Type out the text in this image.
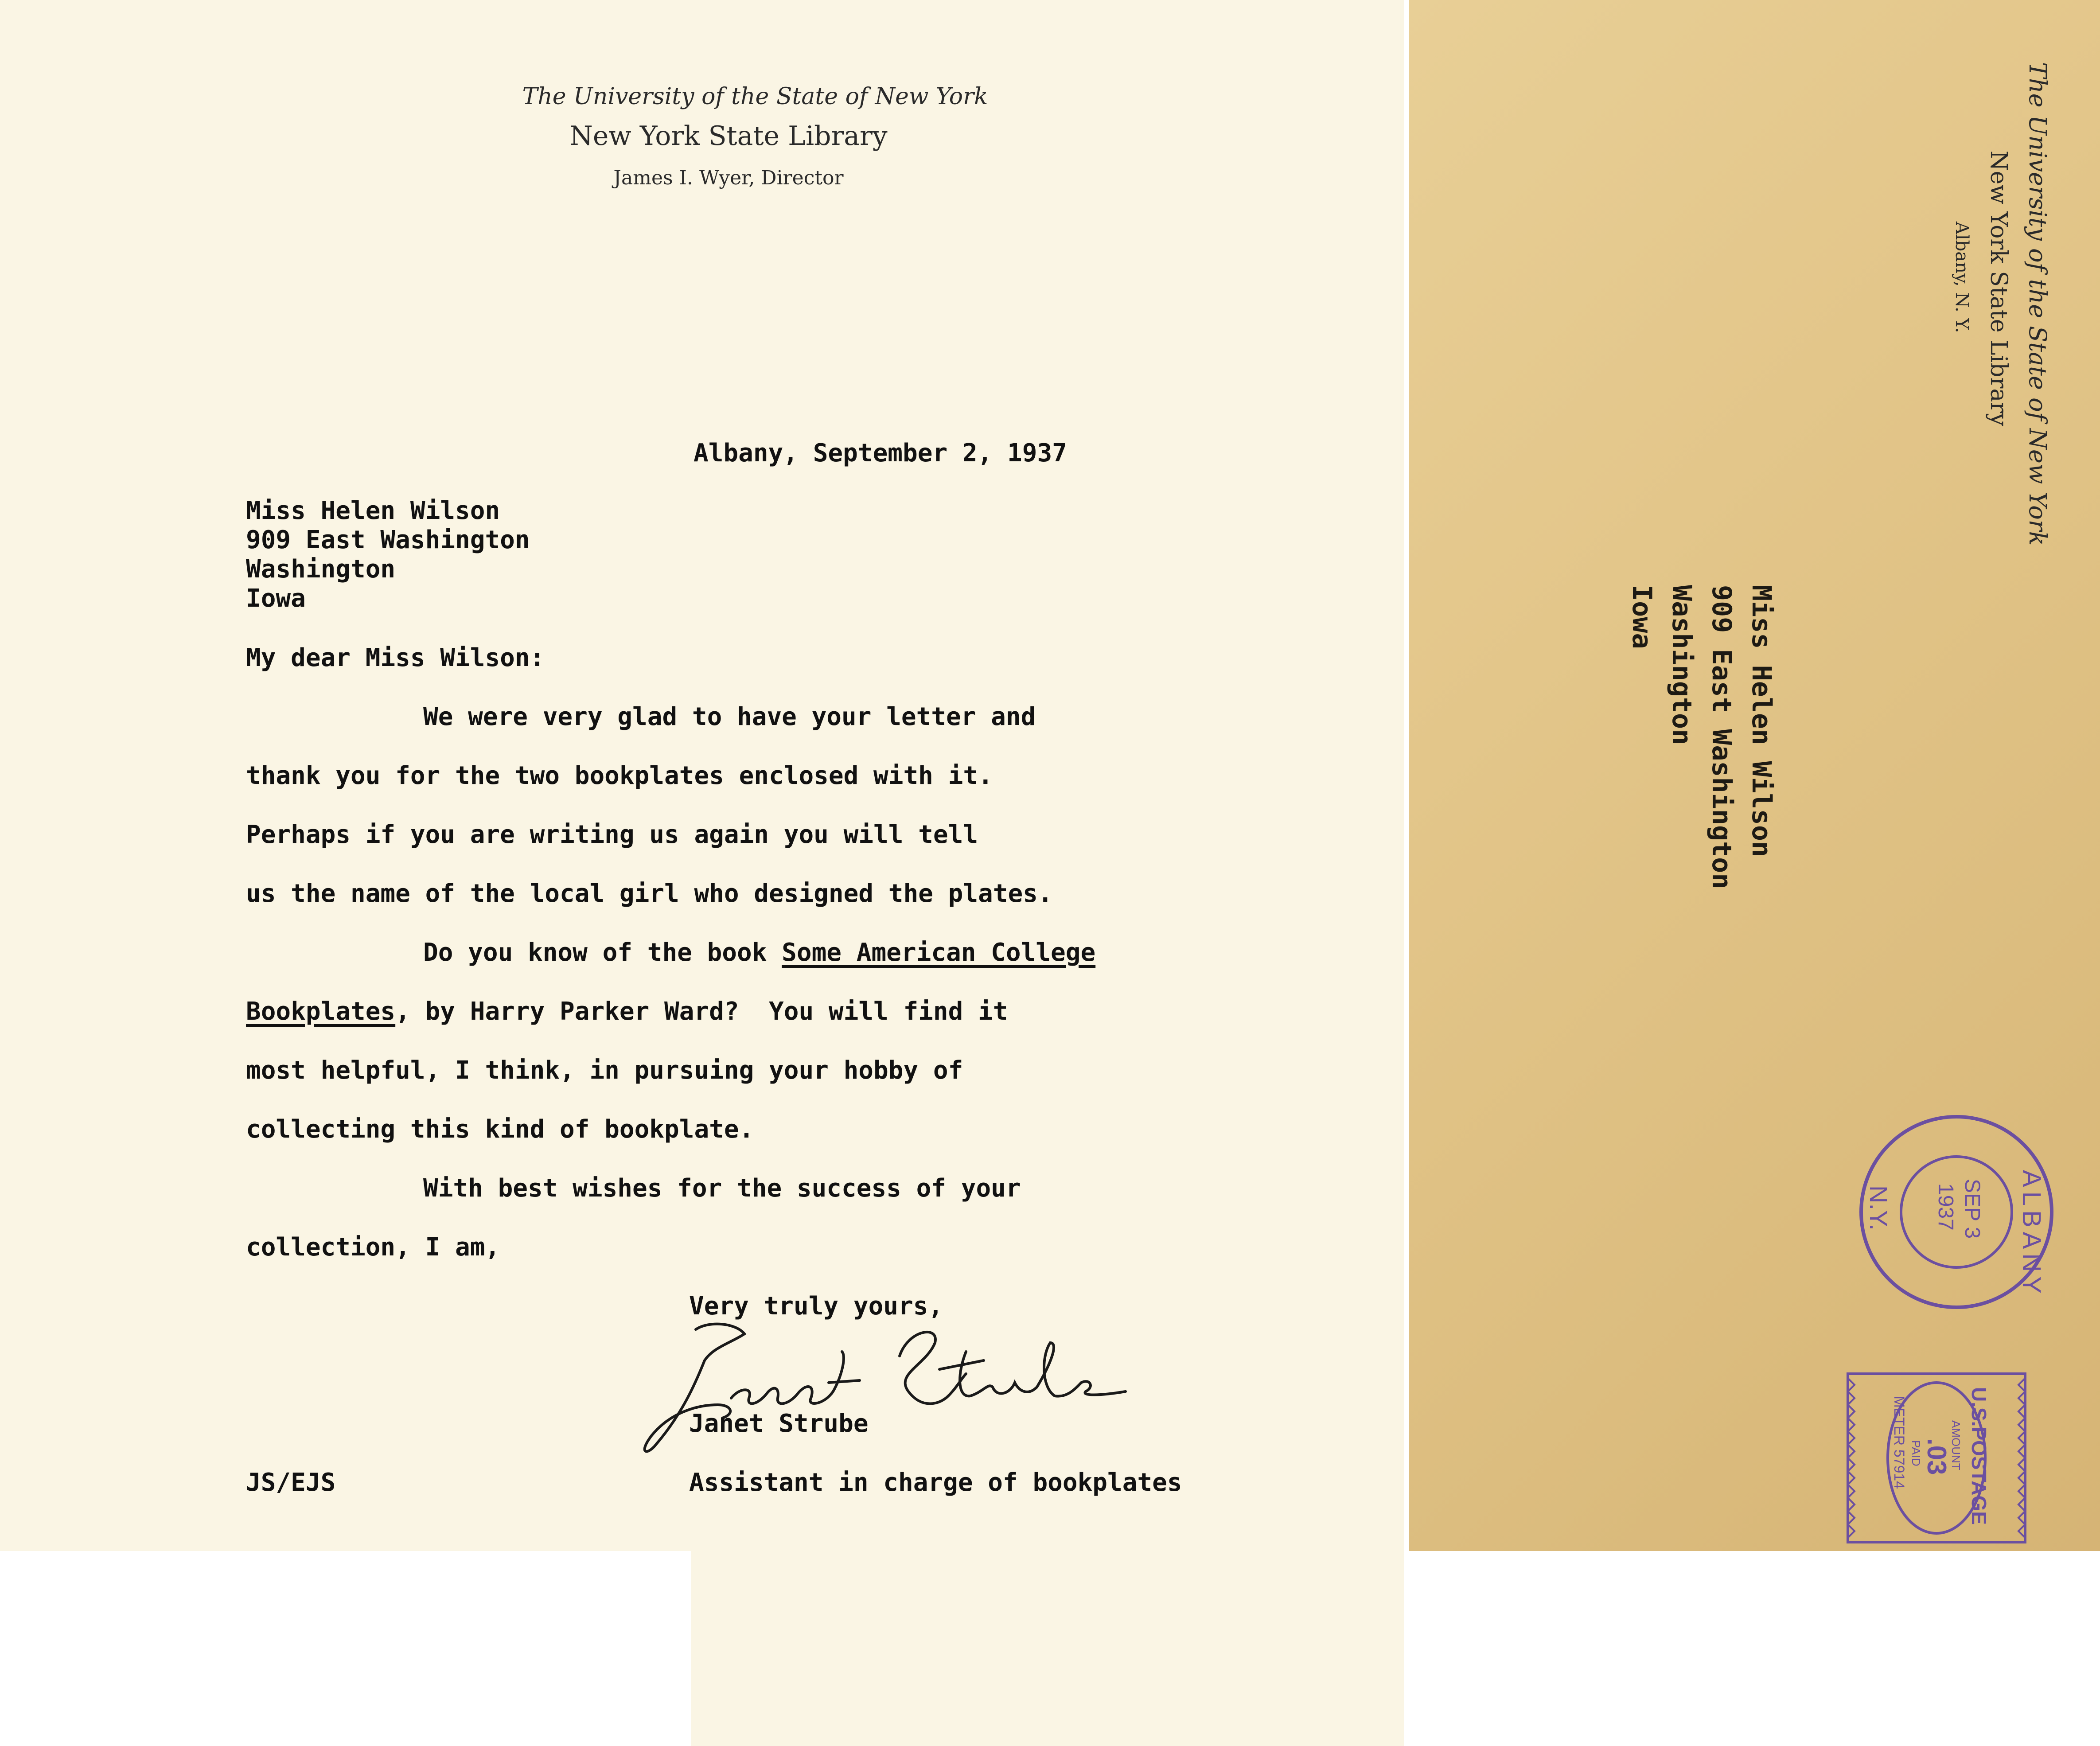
The University of the State of New York
New York State Library
James I. Wyer, Director
Albany, September 2, 1937
Miss Helen Wilson
909 East Washington
Washington
Iowa
My dear Miss Wilson:
We were very glad to have your letter and
thank you for the two bookplates enclosed with it.
Perhaps if you are writing us again you will tell
us the name of the local girl who designed the plates.
Do you know of the book Some American College
Bookplates, by Harry Parker Ward?  You will find it
most helpful, I think, in pursuing your hobby of
collecting this kind of bookplate.
With best wishes for the success of your
collection, I am,
Very truly yours,
Janet Strube
Janet Strube
JS/EJS	Assistant in charge of bookplates
The University of the State of New York
New York State Library
Albany, N. Y.
Miss Helen Wilson
909 East Washington
Washington
Iowa
ALBANY
N.Y.	SEP 3
1937
U.S.POSTAGE
AMOUNT
.03
PAID
METER 57914
